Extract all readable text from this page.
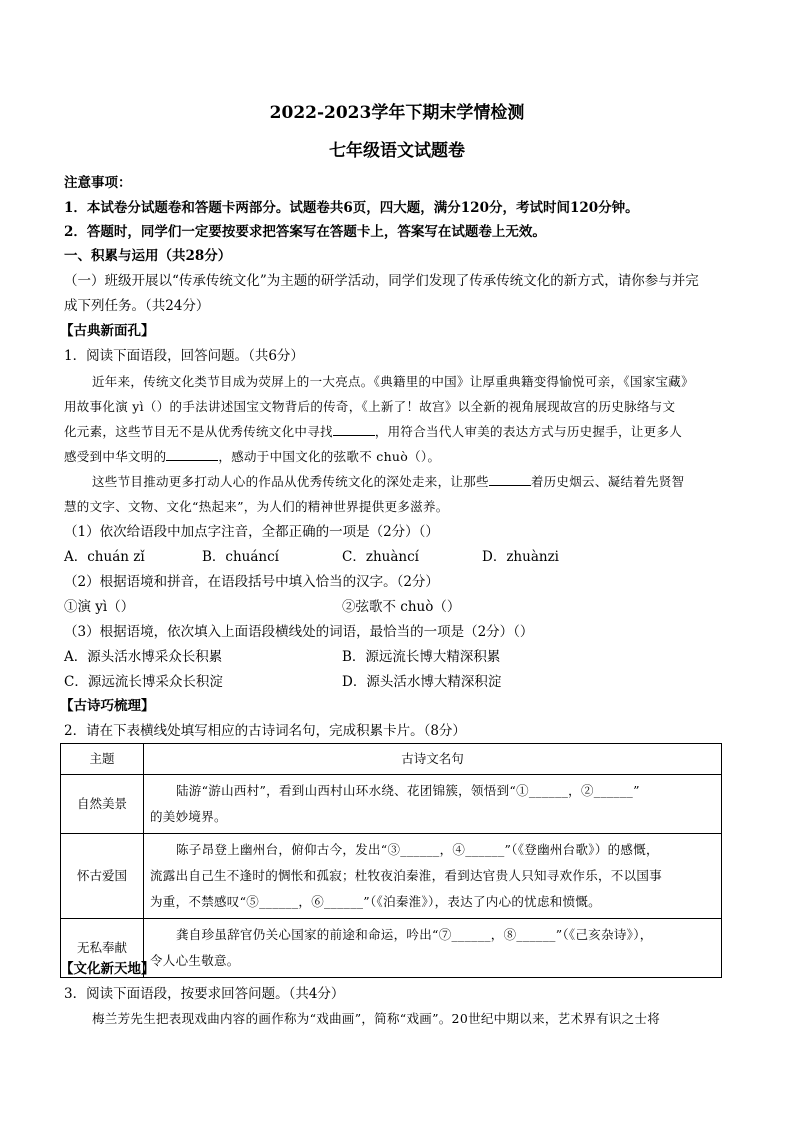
2022-2023学年下期末学情检测
七年级语文试题卷
注意事项：
1．本试卷分试题卷和答题卡两部分。试题卷共6页，四大题，满分120分，考试时间120分钟。
2．答题时，同学们一定要按要求把答案写在答题卡上，答案写在试题卷上无效。
一、积累与运用（共28分）
（一）班级开展以“传承传统文化”为主题的研学活动，同学们发现了传承传统文化的新方式，请你参与并完
成下列任务。（共24分）
【古典新面孔】
1．阅读下面语段，回答问题。（共6分）
近年来，传统文化类节目成为荧屏上的一大亮点。《典籍里的中国》让厚重典籍变得愉悦可亲，《国家宝藏》
用故事化演 yì（）的手法讲述国宝文物背后的传奇，《上新了！故宫》以全新的视角展现故宫的历史脉络与文
化元素，这些节目无不是从优秀传统文化中寻找	，用符合当代人审美的表达方式与历史握手，让更多人
感受到中华文明的	，感动于中国文化的弦歌不 chuò（）。
这些节目推动更多打动人心的作品从优秀传统文化的深处走来，让那些	着历史烟云、凝结着先贤智
慧的文字、文物、文化“热起来”，为人们的精神世界提供更多滋养。
（1）依次给语段中加点字注音，全都正确的一项是（2分）（）
A．chuán zǐ	B．chuáncí	C．zhuàncí	D．zhuànzi
（2）根据语境和拼音，在语段括号中填入恰当的汉字。（2分）
①演 yì（）	②弦歌不 chuò（）
（3）根据语境，依次填入上面语段横线处的词语，最恰当的一项是（2分）（）
A．源头活水博采众长积累	B．源远流长博大精深积累
C．源远流长博采众长积淀	D．源头活水博大精深积淀
【古诗巧梳理】
2．请在下表横线处填写相应的古诗词名句，完成积累卡片。（8分）
主题	古诗文名句
自然美景	陆游“游山西村”，看到山西村山环水绕、花团锦簇，领悟到“①______，②______”
的美妙境界。

怀古爱国	陈子昂登上幽州台，俯仰古今，发出“③______，④______”（《登幽州台歌》）的感慨，
流露出自己生不逢时的惆怅和孤寂；杜牧夜泊秦淮，看到达官贵人只知寻欢作乐，不以国事
为重，不禁感叹“⑤______，⑥______”（《泊秦淮》），表达了内心的忧虑和愤慨。

无私奉献	龚自珍虽辞官仍关心国家的前途和命运，吟出“⑦______，⑧______”（《己亥杂诗》），
令人心生敬意。
【文化新天地】
3．阅读下面语段，按要求回答问题。（共4分）
梅兰芳先生把表现戏曲内容的画作称为“戏曲画”，简称“戏画”。20世纪中期以来，艺术界有识之士将
